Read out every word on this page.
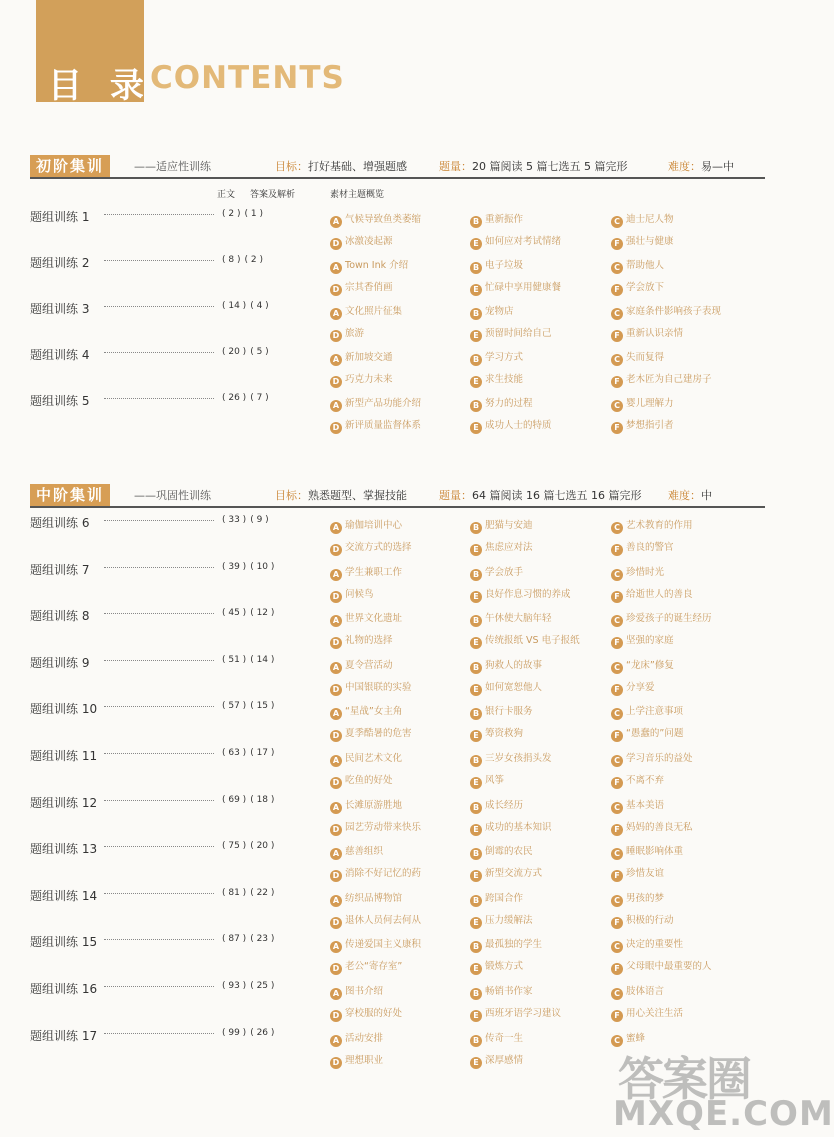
目 录
CONTENTS
正文 答案及解析	素材主题概览
初阶集训	——适应性训练	目标：打好基础、增强题感	题量：20 篇阅读 5 篇七选五 5 篇完形	难度：易—中
题组训练 1	( 2 ) ( 1 )
A 气候导致鱼类萎缩	B 重新振作	C 迪士尼人物
D 冰激凌起源	E 如何应对考试情绪	F 强壮与健康
题组训练 2	( 8 ) ( 2 )
A Town Ink 介绍	B 电子垃圾	C 帮助他人
D 宗其香俏画	E 忙碌中享用健康餐	F 学会放下
题组训练 3	( 14 ) ( 4 )
A 文化照片征集	B 宠物店	C 家庭条件影响孩子表现
D 旅游	E 预留时间给自己	F 重新认识亲情
题组训练 4	( 20 ) ( 5 )
A 新加坡交通	B 学习方式	C 失而复得
D 巧克力未来	E 求生技能	F 老木匠为自己建房子
题组训练 5	( 26 ) ( 7 )
A 新型产品功能介绍	B 努力的过程	C 婴儿理解力
D 新评质量监督体系	E 成功人士的特质	F 梦想指引者
中阶集训	——巩固性训练	目标：熟悉题型、掌握技能	题量：64 篇阅读 16 篇七选五 16 篇完形 难度：中
题组训练 6	( 33 ) ( 9 )
A 瑜伽培训中心	B 肥猫与安迪	C 艺术教育的作用
D 交流方式的选择	E 焦虑应对法	F 善良的警官
题组训练 7	( 39 ) ( 10 )
A 学生兼职工作	B 学会放手	C 珍惜时光
D 问候鸟	E 良好作息习惯的养成	F 给逝世人的善良
题组训练 8	( 45 ) ( 12 )
A 世界文化遗址	B 午休使大脑年轻	C 珍爱孩子的诞生经历
D 礼物的选择	E 传统报纸 VS 电子报纸	F 坚强的家庭
题组训练 9	( 51 ) ( 14 )
A 夏令营活动	B 狗救人的故事	C “龙床”修复
D 中国银联的实验	E 如何宽恕他人	F 分享爱
题组训练 10	( 57 ) ( 15 )
A “星战”女主角	B 银行卡服务	C 上学注意事项
D 夏季酷暑的危害	E 筹资救狗	F “愚蠢的”问题
题组训练 11	( 63 ) ( 17 )
A 民间艺术文化	B 三岁女孩捐头发	C 学习音乐的益处
D 吃鱼的好处	E 风筝	F 不离不弃
题组训练 12	( 69 ) ( 18 )
A 长滩原游胜地	B 成长经历	C 基本美语
D 园艺劳动带来快乐	E 成功的基本知识	F 妈妈的善良无私
题组训练 13	( 75 ) ( 20 )
A 慈善组织	B 倒霉的农民	C 睡眠影响体重
D 消除不好记忆的药	E 新型交流方式	F 珍惜友谊
题组训练 14	( 81 ) ( 22 )
A 纺织品博物馆	B 跨国合作	C 男孩的梦
D 退休人员何去何从	E 压力缓解法	F 积极的行动
题组训练 15	( 87 ) ( 23 )
A 传递爱国主义康积	B 最孤独的学生	C 决定的重要性
D 老公“寄存室”	E 锻炼方式	F 父母眼中最重要的人
题组训练 16	( 93 ) ( 25 )
A 图书介绍	B 畅销书作家	C 肢体语言
D 穿校服的好处	E 西班牙语学习建议	F 用心关注生活
题组训练 17	( 99 ) ( 26 )
A 活动安排	B 传奇一生	C 蜜蜂
D 理想职业	E 深厚感情 答案圈
MXQE.COM
